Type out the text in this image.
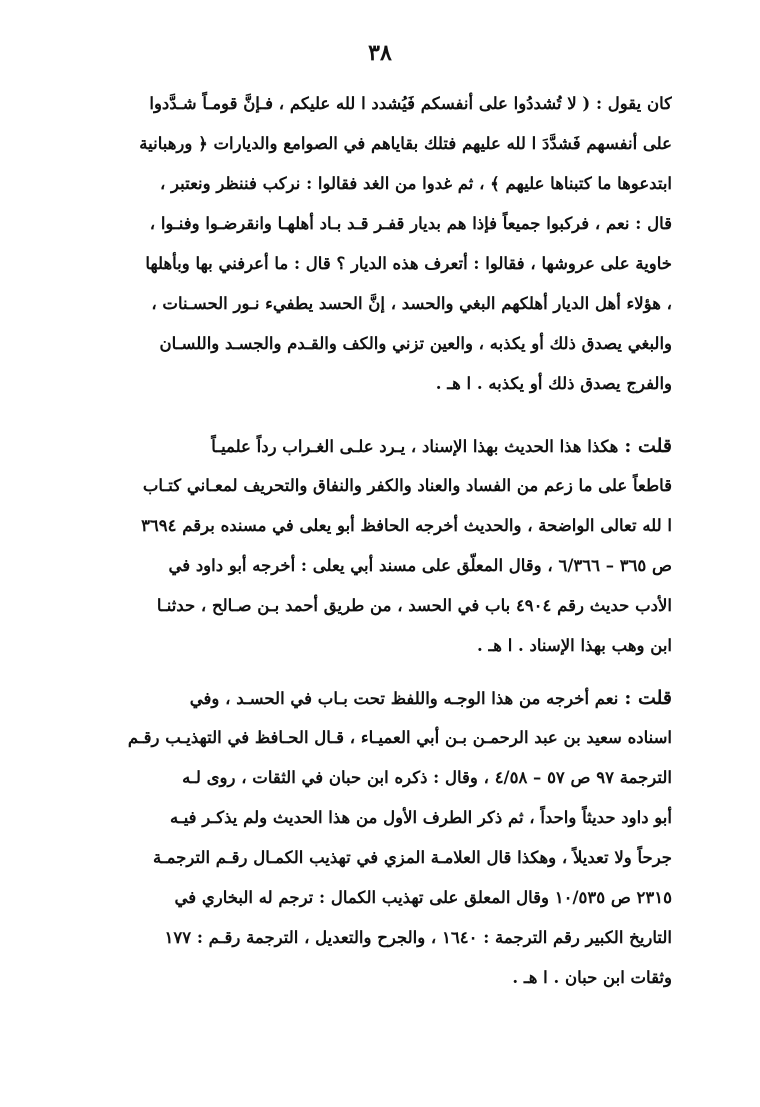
٣٨
كان يقول : ( لا تُشددُوا على أنفسكم فَيُشدد ا لله عليكم ، فـإنَّ قومـاً شـدَّدوا
على أنفسهم فَشدَّدَ ا لله عليهم فتلك بقاياهم في الصوامع والديارات ﴿ ورهبانية
ابتدعوها ما كتبناها عليهم ﴾ ، ثم غدوا من الغد فقالوا : نركب فننظر ونعتبر ،
قال : نعم ، فركبوا جميعاً فإذا هم بديار قفـر قـد بـاد أهلهـا وانقرضـوا وفنـوا ،
خاوية على عروشها ، فقالوا : أتعرف هذه الديار ؟ قال : ما أعرفني بها وبأهلها
، هؤلاء أهل الديار أهلكهم البغي والحسد ، إنَّ الحسد يطفيء نـور الحسـنات ،
والبغي يصدق ذلك أو يكذبه ، والعين تزني والكف والقـدم والجسـد واللسـان
والفرج يصدق ذلك أو يكذبه . ا هـ .
قلت :هكذا هذا الحديث بهذا الإسناد ، يـرد علـى الغـراب رداً علميـاً
قاطعاً على ما زعم من الفساد والعناد والكفر والنفاق والتحريف لمعـاني كتـاب
ا لله تعالى الواضحة ، والحديث أخرجه الحافظ أبو يعلى في مسنده برقم ٣٦٩٤
ص ٣٦٥ – ٦/٣٦٦ ، وقال المعلّق على مسند أبي يعلى : أخرجه أبو داود في
الأدب حديث رقم ٤٩٠٤ باب في الحسد ، من طريق أحمد بـن صـالح ، حدثنـا
ابن وهب بهذا الإسناد . ا هـ .
قلت :نعم أخرجه من هذا الوجـه واللفظ تحت بـاب في الحسـد ، وفي
اسناده سعيد بن عبد الرحمـن بـن أبي العميـاء ، قـال الحـافظ في التهذيـب رقـم
الترجمة ٩٧ ص ٥٧ – ٤/٥٨ ، وقال : ذكره ابن حبان في الثقات ، روى لـه
أبو داود حديثاً واحداً ، ثم ذكر الطرف الأول من هذا الحديث ولم يذكـر فيـه
جرحاً ولا تعديلاً ، وهكذا قال العلامـة المزي في تهذيب الكمـال رقـم الترجمـة
٢٣١٥ ص ١٠/٥٣٥ وقال المعلق على تهذيب الكمال : ترجم له البخاري في
التاريخ الكبير رقم الترجمة : ١٦٤٠ ، والجرح والتعديل ، الترجمة رقـم : ١٧٧
وثقات ابن حبان . ا هـ .
